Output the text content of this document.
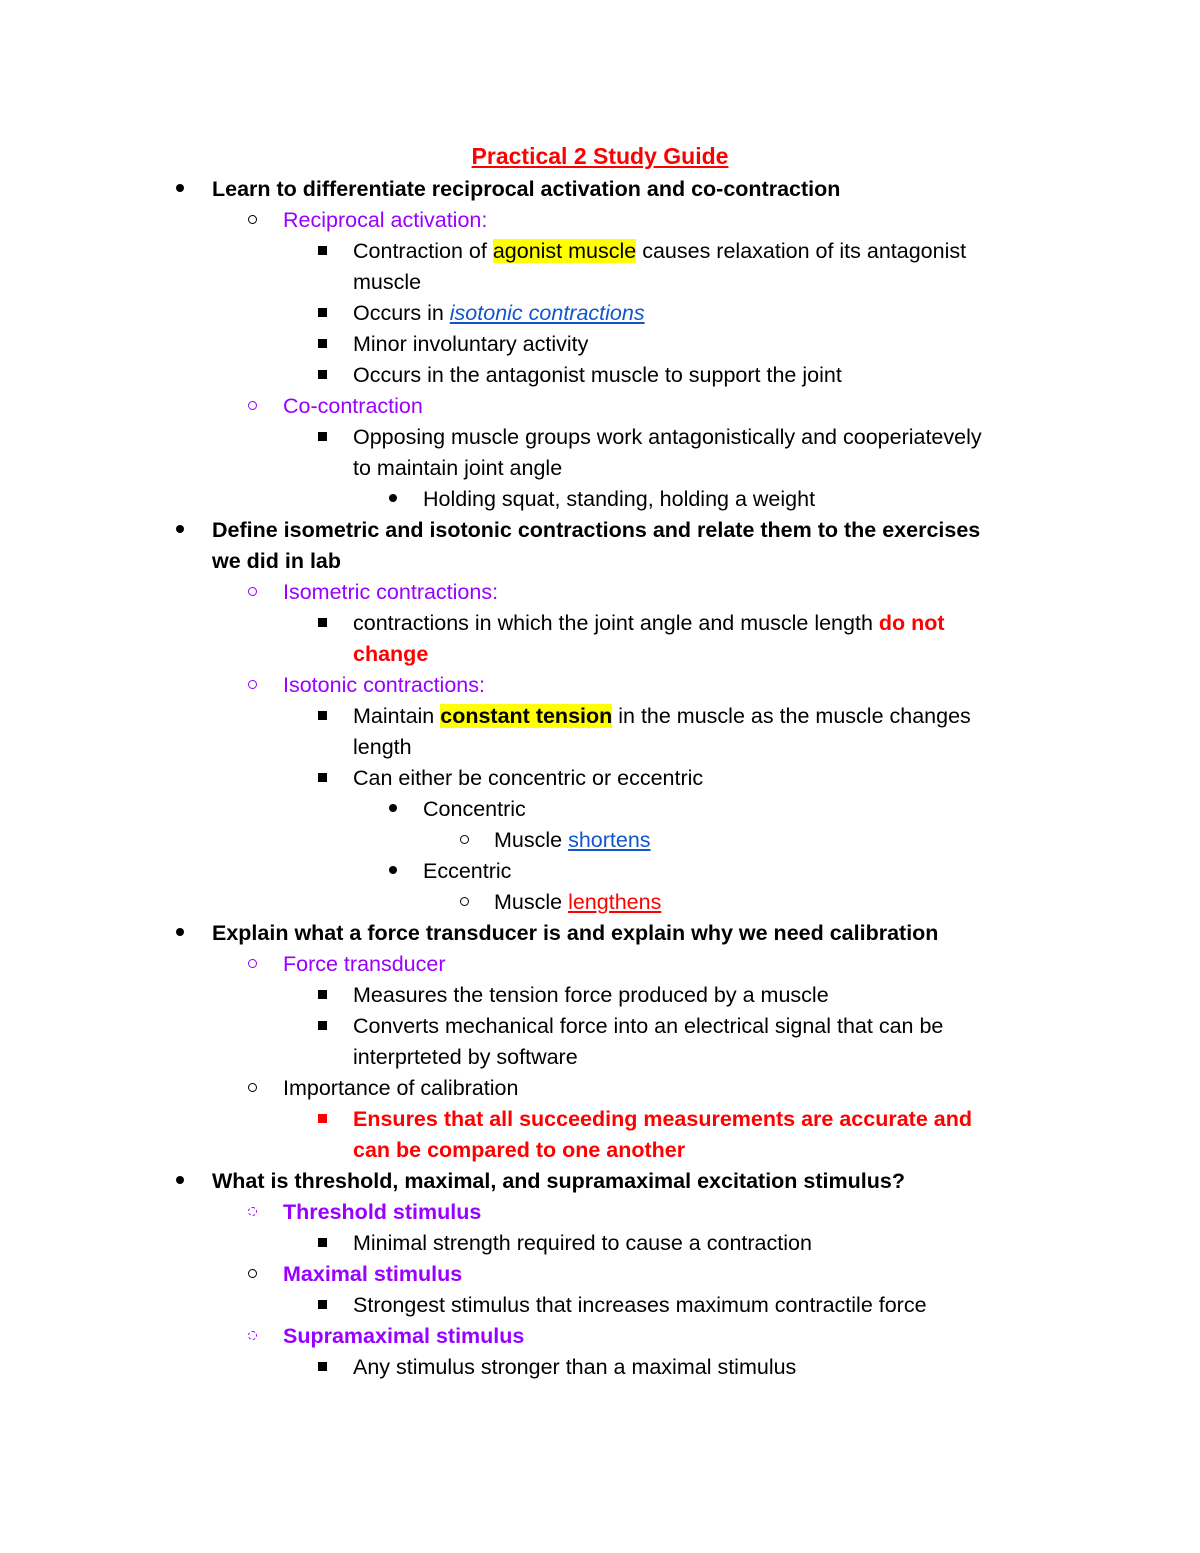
Practical 2 Study Guide
Learn to differentiate reciprocal activation and co-contraction
Reciprocal activation:
Contraction of agonist muscle causes relaxation of its antagonist
muscle
Occurs in isotonic contractions
Minor involuntary activity
Occurs in the antagonist muscle to support the joint
Co-contraction
Opposing muscle groups work antagonistically and cooperiatevely
to maintain joint angle
Holding squat, standing, holding a weight
Define isometric and isotonic contractions and relate them to the exercises
we did in lab
Isometric contractions:
contractions in which the joint angle and muscle length do not
change
Isotonic contractions:
Maintain constant tension in the muscle as the muscle changes
length
Can either be concentric or eccentric
Concentric
Muscle shortens
Eccentric
Muscle lengthens
Explain what a force transducer is and explain why we need calibration
Force transducer
Measures the tension force produced by a muscle
Converts mechanical force into an electrical signal that can be
interprteted by software
Importance of calibration
Ensures that all succeeding measurements are accurate and
can be compared to one another
What is threshold, maximal, and supramaximal excitation stimulus?
Threshold stimulus
Minimal strength required to cause a contraction
Maximal stimulus
Strongest stimulus that increases maximum contractile force
Supramaximal stimulus
Any stimulus stronger than a maximal stimulus
